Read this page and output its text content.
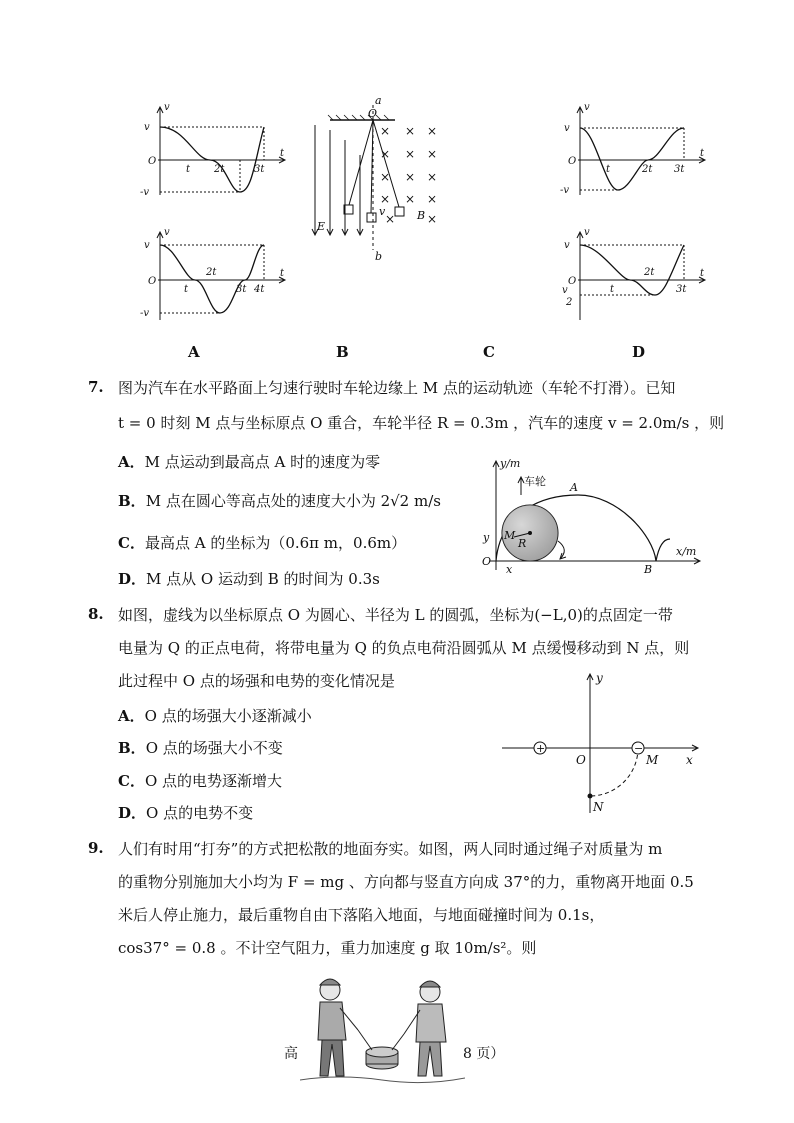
v
t
O
v
-v
t 2t	3t
v
t
O
v
-v
t
2t
3t 4t
a
O
b
E
B
v
× × ×
× × ×
× × ×
× × ×
×	×
v
t
O
v
-v
t	2t 3t
v
t
O
v
v
2
t
2t
3t
A	B	C	D
7. 图为汽车在水平路面上匀速行驶时车轮边缘上 M 点的运动轨迹（车轮不打滑）。已知
t = 0 时刻 M 点与坐标原点 O 重合，车轮半径 R = 0.3m ，汽车的速度 v = 2.0m/s ，则
A．M 点运动到最高点 A 时的速度为零
B．M 点在圆心等高点处的速度大小为 2√2 m/s
C．最高点 A 的坐标为（0.6π m，0.6m）
D．M 点从 O 运动到 B 的时间为 0.3s
y/m
x/m
A
B
M
R
O
x
y
车轮
8. 如图，虚线为以坐标原点 O 为圆心、半径为 L 的圆弧，坐标为(−L,0)的点固定一带
电量为 Q 的正点电荷，将带电量为 Q 的负点电荷沿圆弧从 M 点缓慢移动到 N 点，则
此过程中 O 点的场强和电势的变化情况是
A．O 点的场强大小逐渐减小
B．O 点的场强大小不变
C．O 点的电势逐渐增大
D．O 点的电势不变
+	−
y
x
O	M
N
9. 人们有时用“打夯”的方式把松散的地面夯实。如图，两人同时通过绳子对质量为 m
的重物分别施加大小均为 F = mg 、方向都与竖直方向成 37°的力，重物离开地面 0.5
米后人停止施力，最后重物自由下落陷入地面，与地面碰撞时间为 0.1s，
cos37° = 0.8 。不计空气阻力，重力加速度 g 取 10m/s²。则
高	8 页）
